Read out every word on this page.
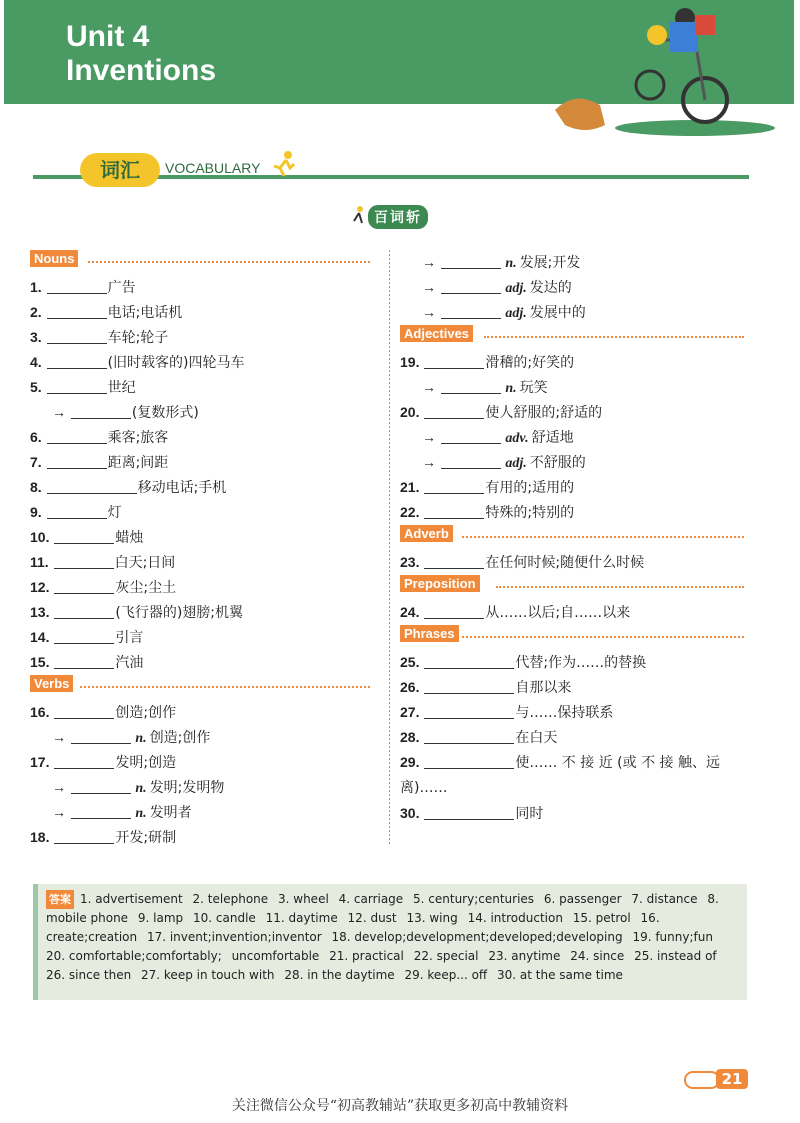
Unit 4
Inventions
词汇	VOCABULARY
百词斩
Nouns
1.	广告
2.	电话;电话机
3.	车轮;轮子
4.	(旧时载客的)四轮马车
5.	世纪
→	(复数形式)
6.	乘客;旅客
7.	距离;间距
8.	移动电话;手机
9.	灯
10.	蜡烛
11.	白天;日间
12.	灰尘;尘土
13.	(飞行器的)翅膀;机翼
14.	引言
15.	汽油
Verbs
16.	创造;创作
→	n. 创造;创作
17.	发明;创造
→	n. 发明;发明物
→	n. 发明者
18.	开发;研制
→	n. 发展;开发
→	adj. 发达的
→	adj. 发展中的
Adjectives
19.	滑稽的;好笑的
→	n. 玩笑
20.	使人舒服的;舒适的
→	adv. 舒适地
→	adj. 不舒服的
21.	有用的;适用的
22.	特殊的;特别的
Adverb
23.	在任何时候;随便什么时候
Preposition
24.	从……以后;自……以来
Phrases
25.	代替;作为……的替换
26.	自那以来
27.	与……保持联系
28.	在白天
29.	使…… 不 接 近 (或 不 接 触、远 离)……
30.	同时
答案 1. advertisement 2. telephone 3. wheel 4. carriage 5. century;centuries 6. passenger 7. distance 8. mobile phone 9. lamp 10. candle 11. daytime 12. dust 13. wing 14. introduction 15. petrol 16. create;creation 17. invent;invention;inventor 18. develop;development;developed;developing 19. funny;fun 20. comfortable;comfortably; uncomfortable 21. practical 22. special 23. anytime 24. since 25. instead of 26. since then 27. keep in touch with 28. in the daytime 29. keep... off 30. at the same time
21
关注微信公众号“初高教辅站”获取更多初高中教辅资料
